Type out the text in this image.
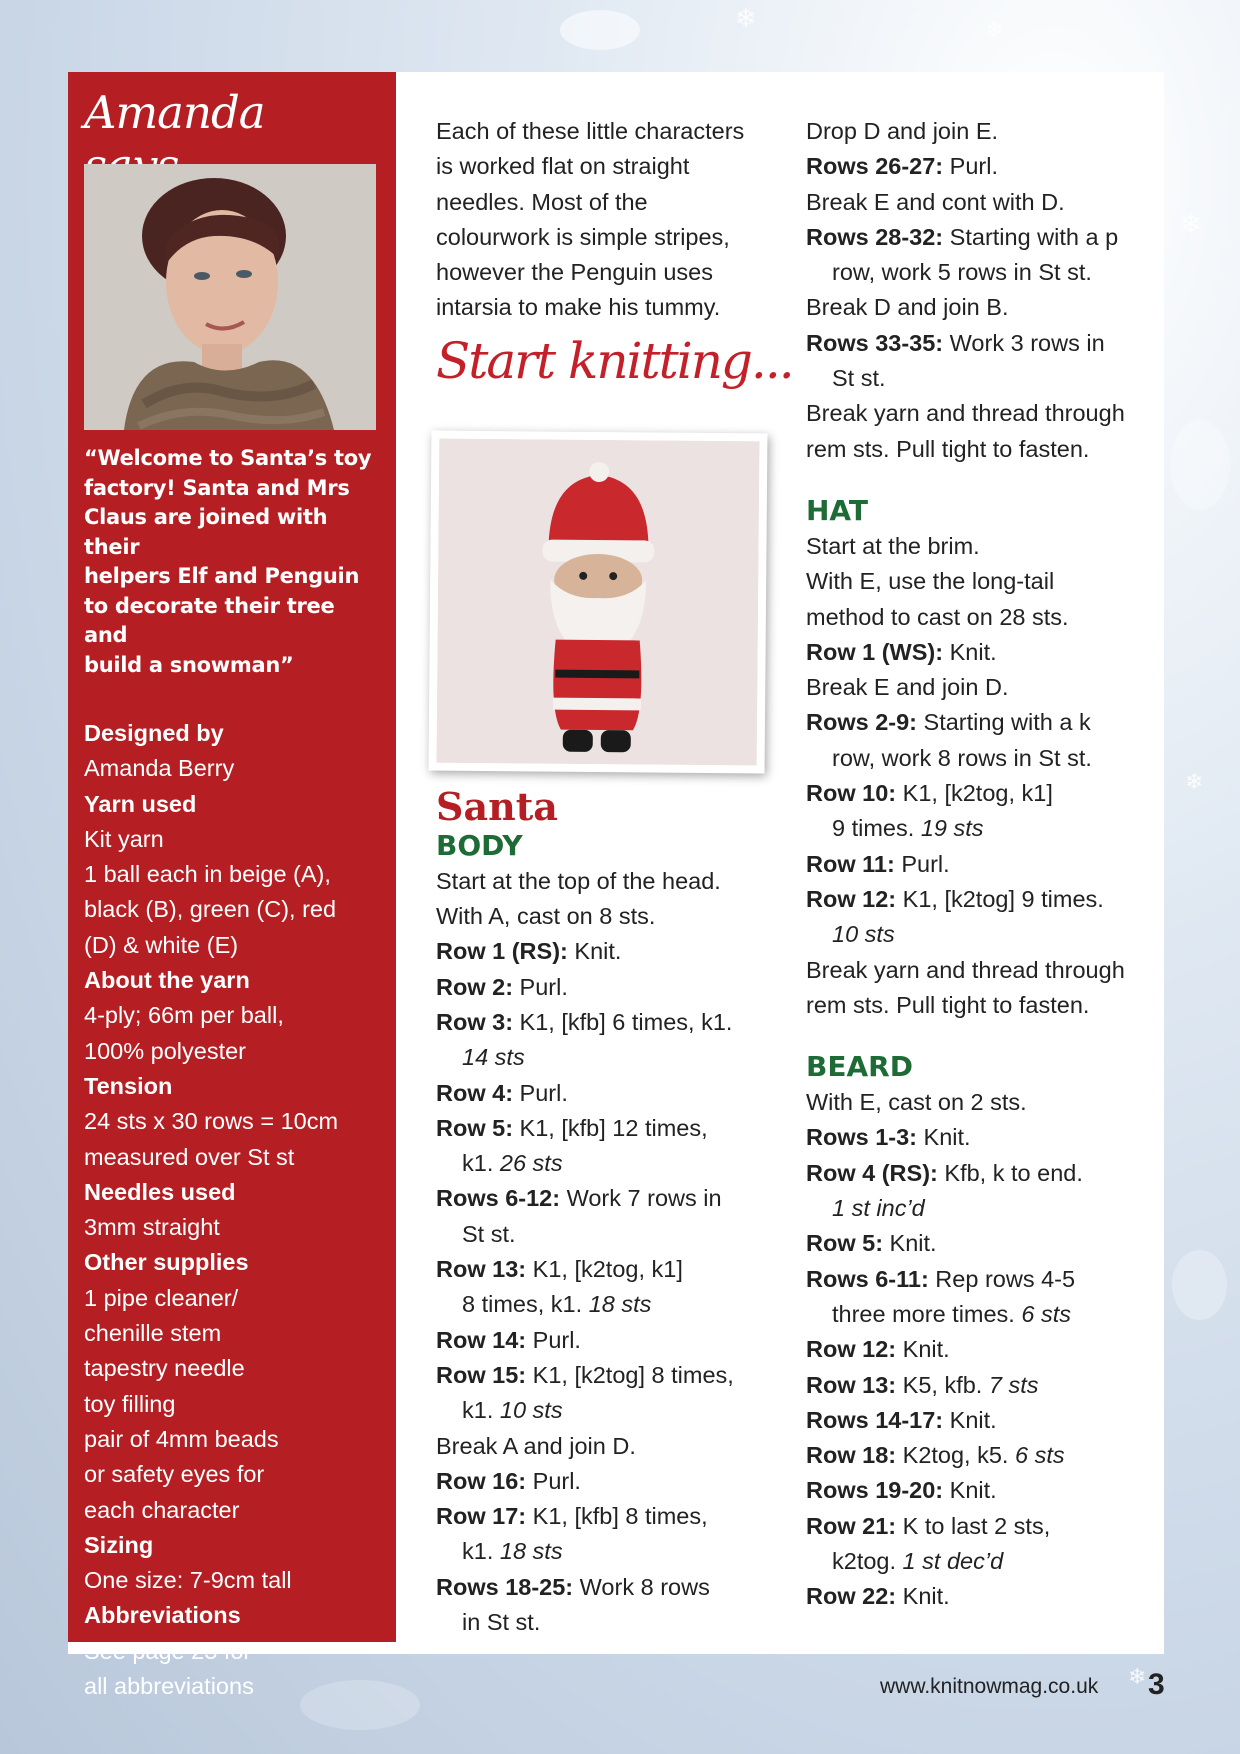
❄	❄
❄
❄
❄
Amanda
“Welcome to Santa’s toy
factory! Santa and Mrs
Claus are joined with their
helpers Elf and Penguin
to decorate their tree and
build a snowman”
Designed by
Amanda Berry
Yarn used
Kit yarn
1 ball each in beige (A),
black (B), green (C), red
(D) & white (E)
About the yarn
4-ply; 66m per ball,
100% polyester
Tension
24 sts x 30 rows = 10cm
measured over St st
Needles used
3mm straight
Other supplies
1 pipe cleaner/
chenille stem
tapestry needle
toy filling
pair of 4mm beads
or safety eyes for
each character
Sizing
One size: 7-9cm tall
Abbreviations
See page 23 for
all abbreviations
Each of these little characters
is worked flat on straight
needles. Most of the
colourwork is simple stripes,
however the Penguin uses
intarsia to make his tummy.
Start knitting...
Santa
BODY
Start at the top of the head.
With A, cast on 8 sts.
Row 1 (RS): Knit.
Row 2: Purl.
Row 3: K1, [kfb] 6 times, k1.
14 sts
Row 4: Purl.
Row 5: K1, [kfb] 12 times,
k1. 26 sts
Rows 6-12: Work 7 rows in
St st.
Row 13: K1, [k2tog, k1]
8 times, k1. 18 sts
Row 14: Purl.
Row 15: K1, [k2tog] 8 times,
k1. 10 sts
Break A and join D.
Row 16: Purl.
Row 17: K1, [kfb] 8 times,
k1. 18 sts
Rows 18-25: Work 8 rows
in St st.
Drop D and join E.
Rows 26-27: Purl.
Break E and cont with D.
Rows 28-32: Starting with a p
row, work 5 rows in St st.
Break D and join B.
Rows 33-35: Work 3 rows in
St st.
Break yarn and thread through
rem sts. Pull tight to fasten.
HAT
Start at the brim.
With E, use the long-tail
method to cast on 28 sts.
Row 1 (WS): Knit.
Break E and join D.
Rows 2-9: Starting with a k
row, work 8 rows in St st.
Row 10: K1, [k2tog, k1]
9 times. 19 sts
Row 11: Purl.
Row 12: K1, [k2tog] 9 times.
10 sts
Break yarn and thread through
rem sts. Pull tight to fasten.
BEARD
With E, cast on 2 sts.
Rows 1-3: Knit.
Row 4 (RS): Kfb, k to end.
1 st inc’d
Row 5: Knit.
Rows 6-11: Rep rows 4-5
three more times. 6 sts
Row 12: Knit.
Row 13: K5, kfb. 7 sts
Rows 14-17: Knit.
Row 18: K2tog, k5. 6 sts
Rows 19-20: Knit.
Row 21: K to last 2 sts,
k2tog. 1 st dec’d
Row 22: Knit.
www.knitnowmag.co.uk 3
